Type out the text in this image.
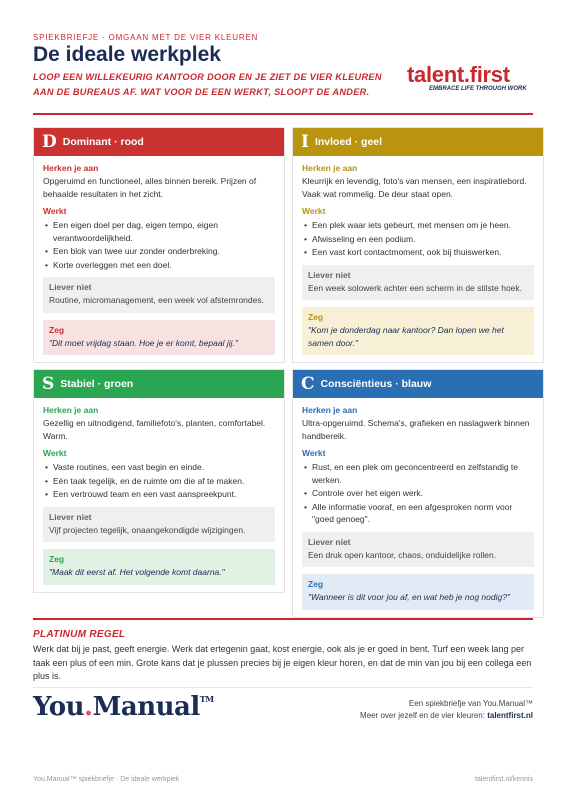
SPIEKBRIEFJE · OMGAAN MET DE VIER KLEUREN
De ideale werkplek
LOOP EEN WILLEKEURIG KANTOOR DOOR EN JE ZIET DE VIER KLEUREN AAN DE BUREAUS AF. WAT VOOR DE EEN WERKT, SLOOPT DE ANDER.
talent.first
EMBRACE LIFE THROUGH WORK
D Dominant · rood
Herken je aan
Opgeruimd en functioneel, alles binnen bereik. Prijzen of behaalde resultaten in het zicht.
Werkt
• Een eigen doel per dag, eigen tempo, eigen verantwoordelijkheid.
• Een blok van twee uur zonder onderbreking.
• Korte overleggen met een doel.
Liever niet
Routine, micromanagement, een week vol afstemrondes.
Zeg
"Dit moet vrijdag staan. Hoe je er komt, bepaal jij."
I Invloed · geel
Herken je aan
Kleurrijk en levendig, foto's van mensen, een inspiratiebord. Vaak wat rommelig. De deur staat open.
Werkt
• Een plek waar iets gebeurt, met mensen om je heen.
• Afwisseling en een podium.
• Een vast kort contactmoment, ook bij thuiswerken.
Liever niet
Een week solowerk achter een scherm in de stilste hoek.
Zeg
"Kom je donderdag naar kantoor? Dan lopen we het samen door."
S Stabiel · groen
Herken je aan
Gezellig en uitnodigend, familiefoto's, planten, comfortabel. Warm.
Werkt
• Vaste routines, een vast begin en einde.
• Eén taak tegelijk, en de ruimte om die af te maken.
• Een vertrouwd team en een vast aanspreekpunt.
Liever niet
Vijf projecten tegelijk, onaangekondigde wijzigingen.
Zeg
"Maak dit eerst af. Het volgende komt daarna."
C Consciëntieus · blauw
Herken je aan
Ultra-opgeruimd. Schema's, grafieken en naslagwerk binnen handbereik.
Werkt
• Rust, en een plek om geconcentreerd en zelfstandig te werken.
• Controle over het eigen werk.
• Alle informatie vooraf, en een afgesproken norm voor "goed genoeg".
Liever niet
Een druk open kantoor, chaos, onduidelijke rollen.
Zeg
"Wanneer is dit voor jou af, en wat heb je nog nodig?"
PLATINUM REGEL
Werk dat bij je past, geeft energie. Werk dat ertegenin gaat, kost energie, ook als je er goed in bent. Turf een week lang per taak een plus of een min. Grote kans dat je plussen precies bij je eigen kleur horen, en dat de min van jou bij een collega een plus is.
You.Manual™	Een spiekbriefje van You.Manual™
Meer over jezelf en de vier kleuren: talentfirst.nl
You.Manual™ spiekbriefje · De ideale werkplek	talentfirst.nl/kennis
